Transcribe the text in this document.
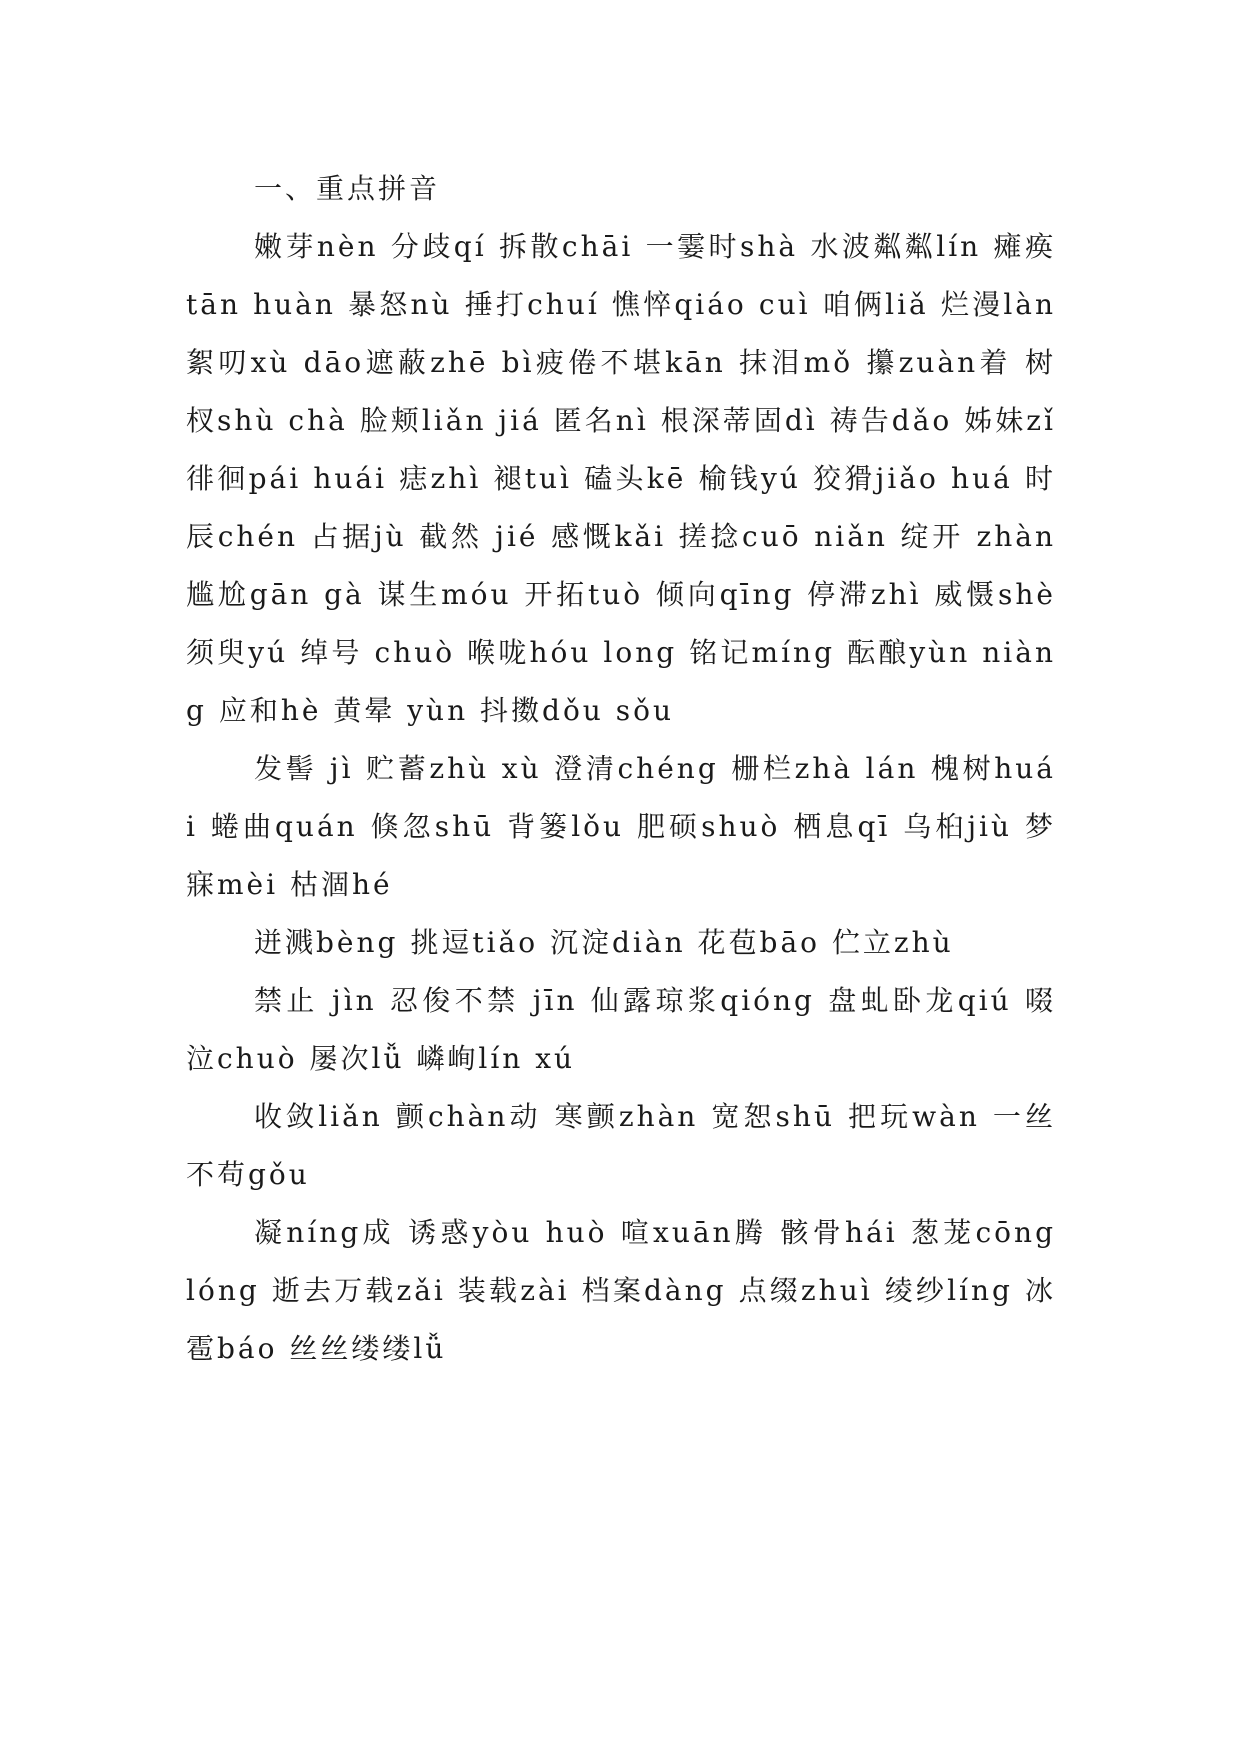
一、重点拼音

嫩芽nèn 分歧qí 拆散chāi 一霎时shà 水波粼粼lín 瘫痪tān huàn 暴怒nù 捶打chuí 憔悴qiáo cuì 咱俩liǎ 烂漫làn 絮叨xù dāo遮蔽zhē bì疲倦不堪kān 抹泪mǒ 攥zuàn着 树杈shù chà 脸颊liǎn jiá 匿名nì 根深蒂固dì 祷告dǎo 姊妹zǐ 徘徊pái huái 痣zhì 褪tuì 磕头kē 榆钱yú 狡猾jiǎo huá 时辰chén 占据jù 截然 jié 感慨kǎi 搓捻cuō niǎn 绽开 zhàn 尴尬gān gà 谋生móu 开拓tuò 倾向qīng 停滞zhì 威慑shè 须臾yú 绰号 chuò 喉咙hóu long 铭记míng 酝酿yùn niàng 应和hè 黄晕 yùn 抖擞dǒu sǒu

发髻 jì 贮蓄zhù xù 澄清chéng 栅栏zhà lán 槐树huái 蜷曲quán 倏忽shū 背篓lǒu 肥硕shuò 栖息qī 乌桕jiù 梦寐mèi 枯涸hé

迸溅bèng 挑逗tiǎo 沉淀diàn 花苞bāo 伫立zhù

禁止 jìn 忍俊不禁 jīn 仙露琼浆qióng 盘虬卧龙qiú 啜泣chuò 屡次lǚ 嶙峋lín xú

收敛liǎn 颤chàn动 寒颤zhàn 宽恕shū 把玩wàn 一丝不苟gǒu

凝níng成 诱惑yòu huò 喧xuān腾 骸骨hái 葱茏cōng lóng 逝去万载zǎi 装载zài 档案dàng 点缀zhuì 绫纱líng 冰雹báo 丝丝缕缕lǚ
